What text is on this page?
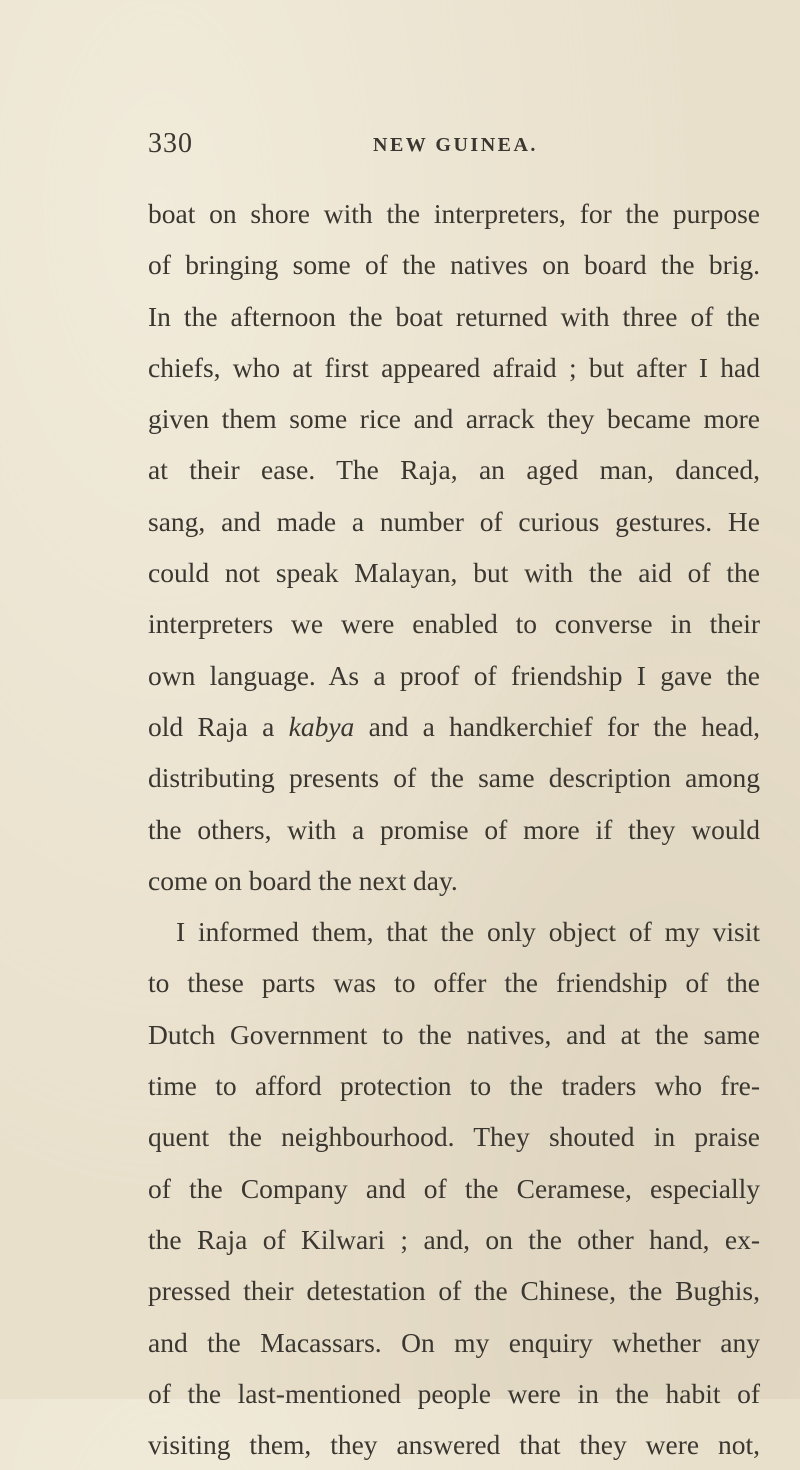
330	NEW GUINEA.
boat on shore with the interpreters, for the purpose
of bringing some of the natives on board the brig.
In the afternoon the boat returned with three of the
chiefs, who at first appeared afraid ; but after I had
given them some rice and arrack they became more
at their ease. The Raja, an aged man, danced,
sang, and made a number of curious gestures. He
could not speak Malayan, but with the aid of the
interpreters we were enabled to converse in their
own language. As a proof of friendship I gave the
old Raja a kabya and a handkerchief for the head,
distributing presents of the same description among
the others, with a promise of more if they would
come on board the next day.
I informed them, that the only object of my visit
to these parts was to offer the friendship of the
Dutch Government to the natives, and at the same
time to afford protection to the traders who fre-
quent the neighbourhood. They shouted in praise
of the Company and of the Ceramese, especially
the Raja of Kilwari ; and, on the other hand, ex-
pressed their detestation of the Chinese, the Bughis,
and the Macassars. On my enquiry whether any
of the last-mentioned people were in the habit of
visiting them, they answered that they were not,
